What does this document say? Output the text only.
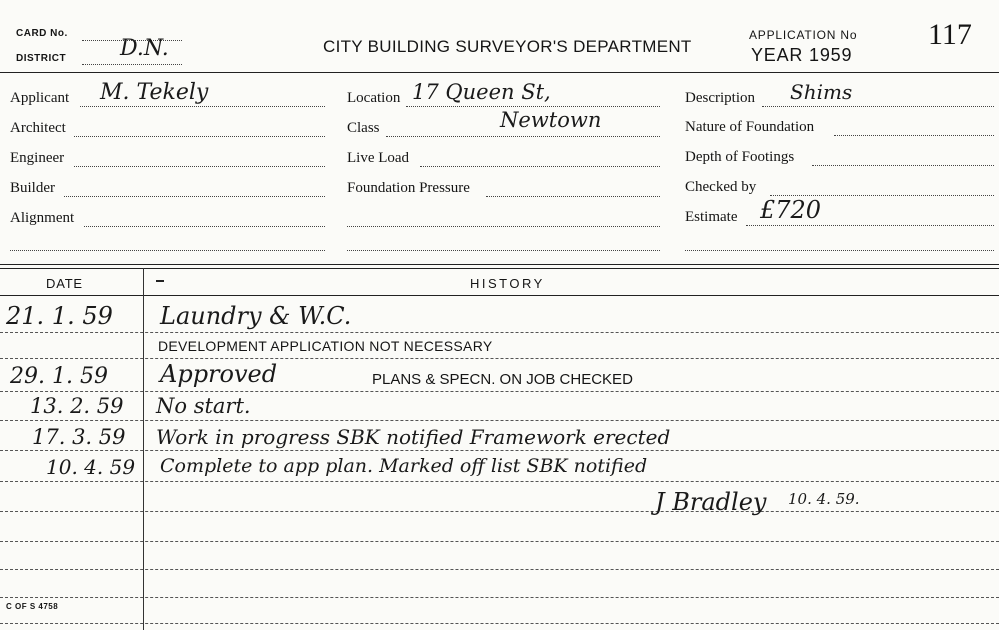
CARD No.
DISTRICT D.N.	CITY BUILDING SURVEYOR'S DEPARTMENT
APPLICATION No
YEAR 1959
117
Applicant M. Tekely
Architect
Engineer
Builder
Alignment
Location 17 Queen St,
Class	Newtown
Live Load
Foundation Pressure
Description Shims
Nature of Foundation
Depth of Footings
Checked by
Estimate £720
DATE	HISTORY
21. 1. 59 Laundry & W.C.
DEVELOPMENT APPLICATION NOT NECESSARY
29. 1. 59 Approved	PLANS & SPECN. ON JOB CHECKED
13. 2. 59 No start.
17. 3. 59 Work in progress SBK notified Framework erected
10. 4. 59 Complete to app plan. Marked off list SBK notified
J Bradley 10. 4. 59.
C OF S 4758
